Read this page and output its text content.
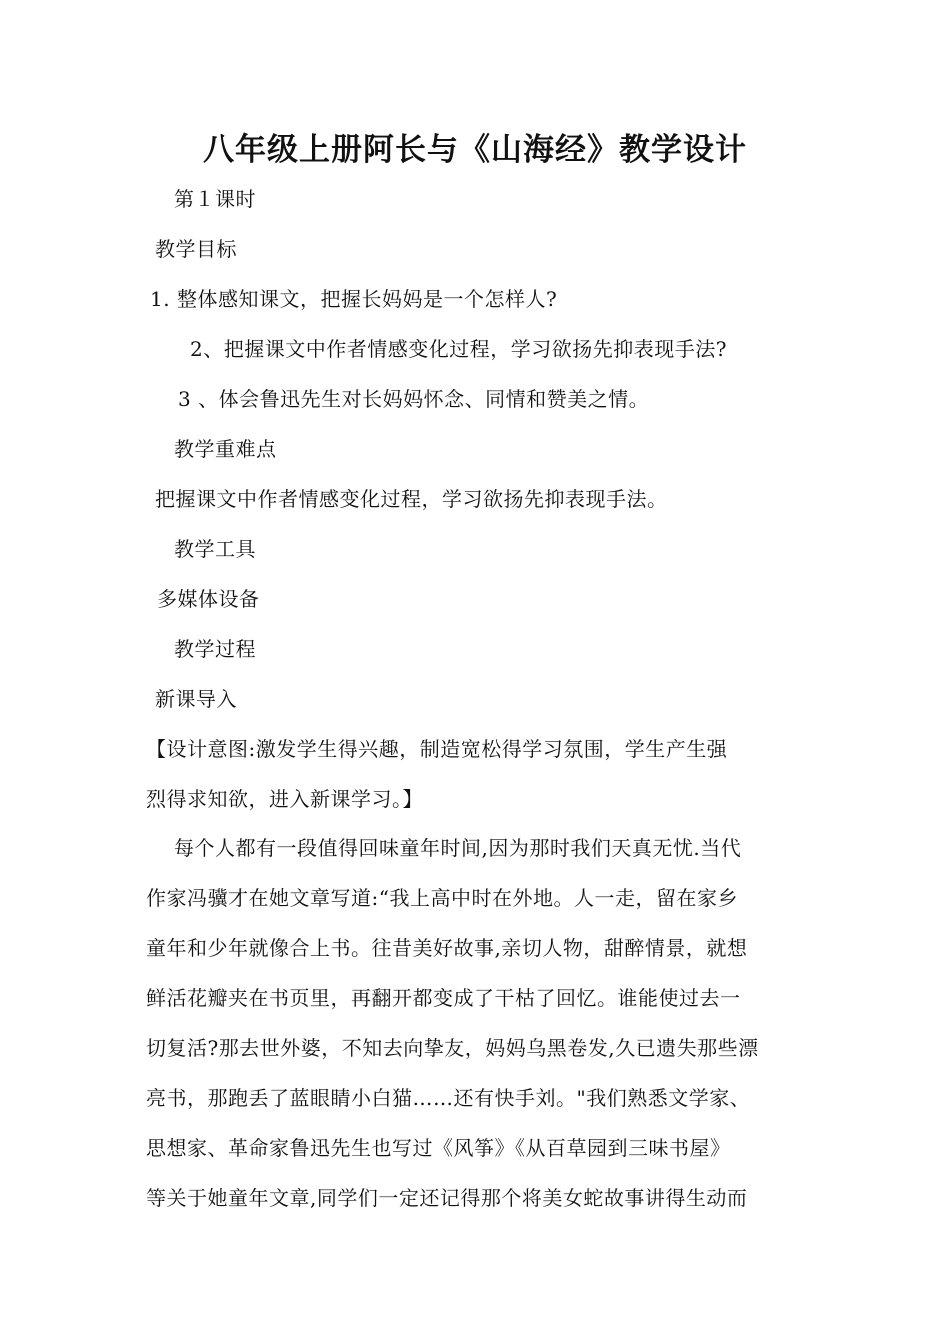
八年级上册阿长与《山海经》教学设计
第１课时
教学目标
1. 整体感知课文，把握长妈妈是一个怎样人?
2、把握课文中作者情感变化过程，学习欲扬先抑表现手法?
3 、体会鲁迅先生对长妈妈怀念、同情和赞美之情。
教学重难点
把握课文中作者情感变化过程，学习欲扬先抑表现手法。
教学工具
多媒体设备
教学过程
新课导入
【设计意图:激发学生得兴趣，制造宽松得学习氛围，学生产生强
烈得求知欲，进入新课学习。】
每个人都有一段值得回味童年时间,因为那时我们天真无忧.当代
作家冯骥才在她文章写道:“我上高中时在外地。人一走，留在家乡
童年和少年就像合上书。往昔美好故事,亲切人物，甜醉情景，就想
鲜活花瓣夹在书页里，再翻开都变成了干枯了回忆。谁能使过去一
切复活?那去世外婆，不知去向挚友，妈妈乌黑卷发,久已遗失那些漂
亮书，那跑丢了蓝眼睛小白猫……还有快手刘。"我们熟悉文学家、
思想家、革命家鲁迅先生也写过《风筝》《从百草园到三味书屋》
等关于她童年文章,同学们一定还记得那个将美女蛇故事讲得生动而
